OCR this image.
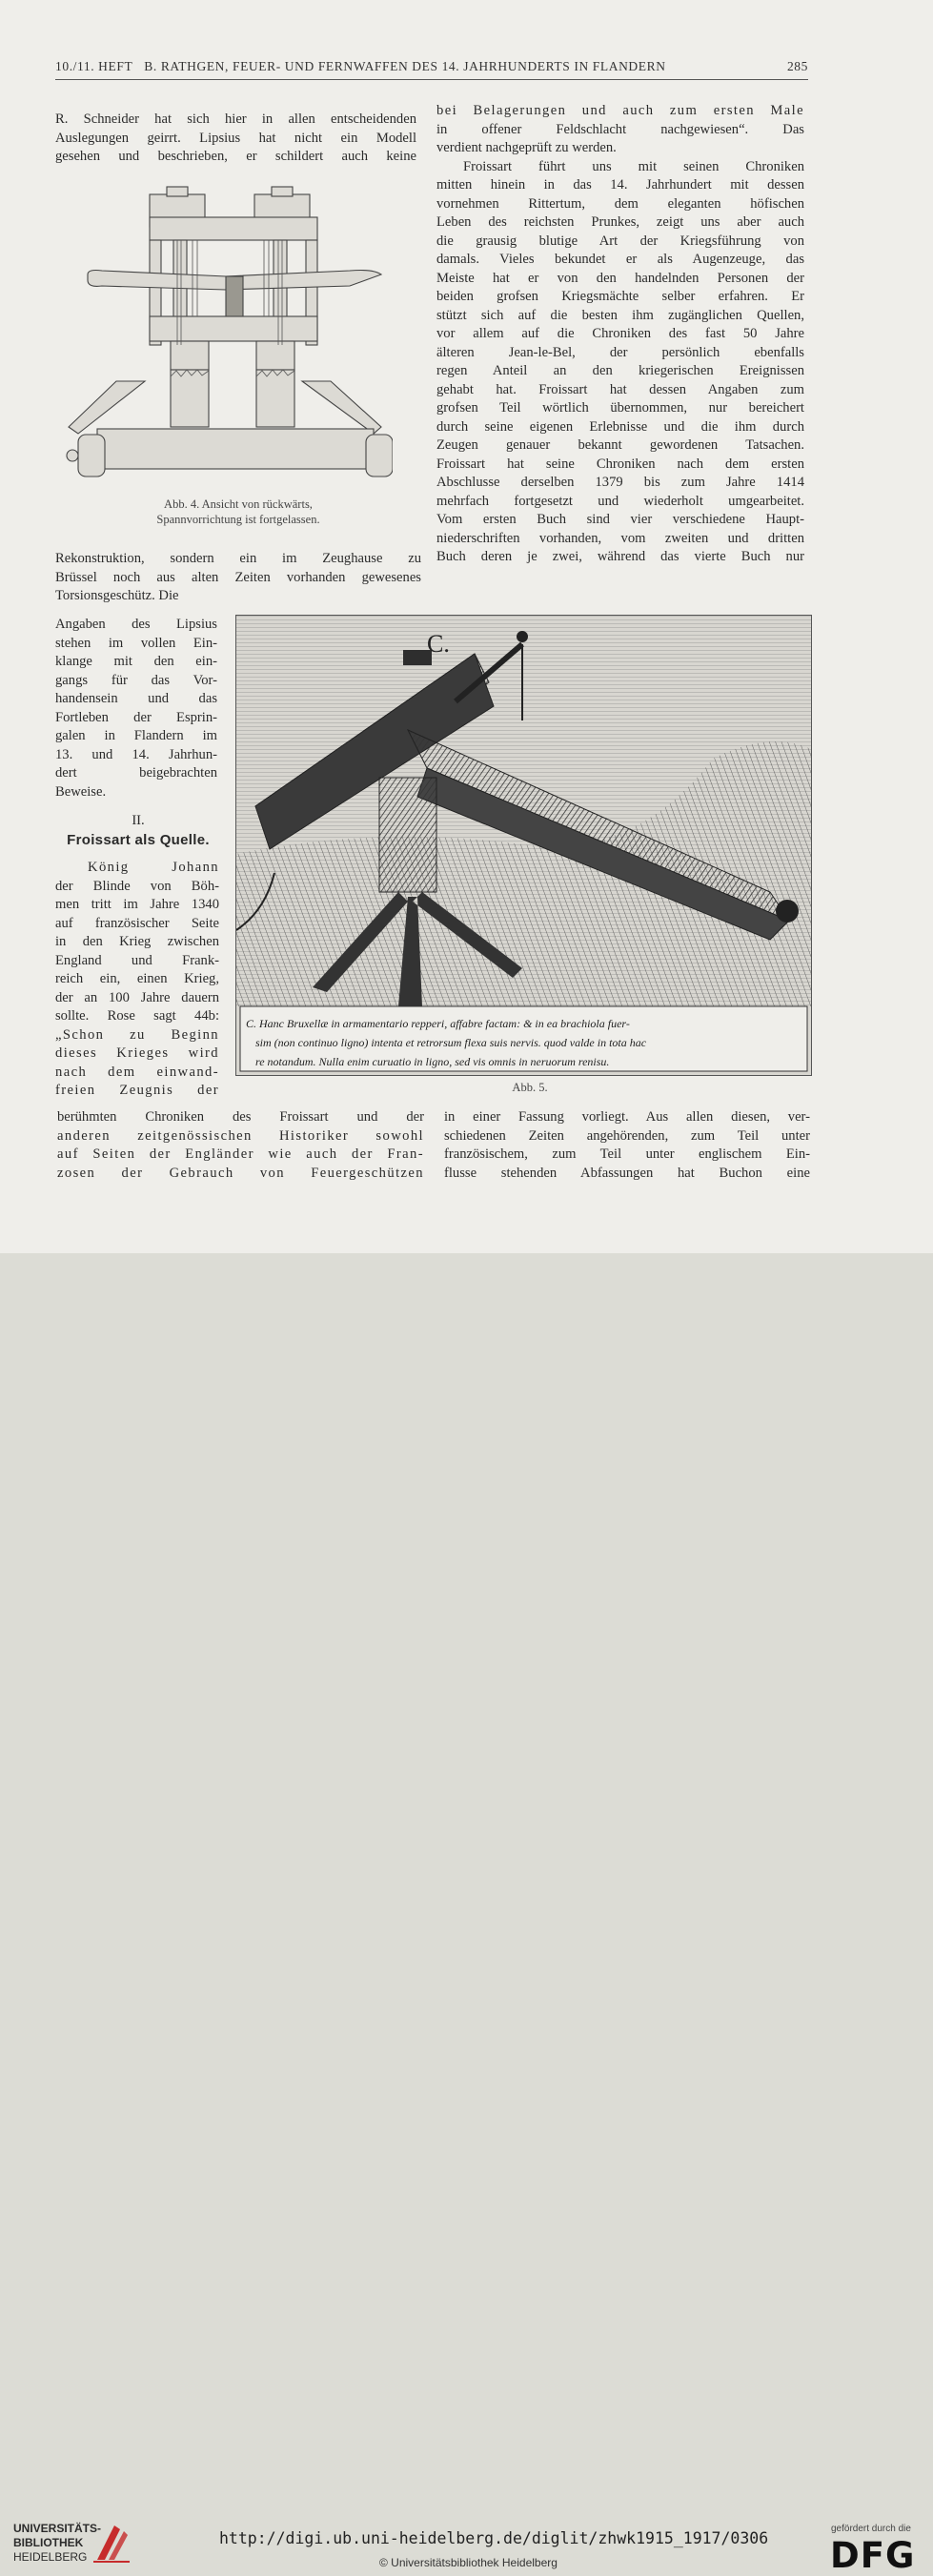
10./11. HEFT B. RATHGEN, FEUER- UND FERNWAFFEN DES 14. JAHRHUNDERTS IN FLANDERN	285

R. Schneider hat sich hier in allen entscheidenden

Auslegungen geirrt. Lipsius hat nicht ein Modell

gesehen und beschrieben, er schildert auch keine

Abb. 4. Ansicht von rückwärts,
Spannvorrichtung ist fortgelassen.

Rekonstruktion, sondern ein im Zeughause zu

Brüssel noch aus alten Zeiten vorhanden gewesenes

Torsionsgeschütz. Die

Angaben des Lipsius

stehen im vollen Ein-

klange mit den ein-

gangs für das Vor-

handensein und das

Fortleben der Esprin-

galen in Flandern im

13. und 14. Jahrhun-

dert beigebrachten

Beweise.

II.
Froissart als Quelle.

König Johann

der Blinde von Böh-

men tritt im Jahre 1340

auf französischer Seite

in den Krieg zwischen

England und Frank-

reich ein, einen Krieg,

der an 100 Jahre dauern

sollte. Rose sagt 44b:

„Schon zu Beginn

dieses Krieges wird

nach dem einwand-

freien Zeugnis der

bei Belagerungen und auch zum ersten Male

in offener Feldschlacht nachgewiesen“. Das

verdient nachgeprüft zu werden.

Froissart führt uns mit seinen Chroniken

mitten hinein in das 14. Jahrhundert mit dessen

vornehmen Rittertum, dem eleganten höfischen

Leben des reichsten Prunkes, zeigt uns aber auch

die grausig blutige Art der Kriegsführung von

damals. Vieles bekundet er als Augenzeuge, das

Meiste hat er von den handelnden Personen der

beiden grofsen Kriegsmächte selber erfahren. Er

stützt sich auf die besten ihm zugänglichen Quellen,

vor allem auf die Chroniken des fast 50 Jahre

älteren Jean-le-Bel, der persönlich ebenfalls

regen Anteil an den kriegerischen Ereignissen

gehabt hat. Froissart hat dessen Angaben zum

grofsen Teil wörtlich übernommen, nur bereichert

durch seine eigenen Erlebnisse und die ihm durch

Zeugen genauer bekannt gewordenen Tatsachen.

Froissart hat seine Chroniken nach dem ersten

Abschlusse derselben 1379 bis zum Jahre 1414

mehrfach fortgesetzt und wiederholt umgearbeitet.

Vom ersten Buch sind vier verschiedene Haupt-

niederschriften vorhanden, vom zweiten und dritten

Buch deren je zwei, während das vierte Buch nur

C.
C. Hanc Bruxellæ in armamentario repperi, affabre factam: & in ea brachiola fuer-
sim (non continuo ligno) intenta et retrorsum flexa suis nervis. quod valde in tota hac
re notandum. Nulla enim curuatio in ligno, sed vis omnis in neruorum renisu.
Abb. 5.

berühmten Chroniken des Froissart und der

anderen zeitgenössischen Historiker sowohl

auf Seiten der Engländer wie auch der Fran-

zosen der Gebrauch von Feuergeschützen

in einer Fassung vorliegt. Aus allen diesen, ver-

schiedenen Zeiten angehörenden, zum Teil unter

französischem, zum Teil unter englischem Ein-

flusse stehenden Abfassungen hat Buchon eine

UNIVERSITÄTS-
BIBLIOTHEK
HEIDELBERG
http://digi.ub.uni-heidelberg.de/diglit/zhwk1915_1917/0306
© Universitätsbibliothek Heidelberg
gefördert durch die
DFG
